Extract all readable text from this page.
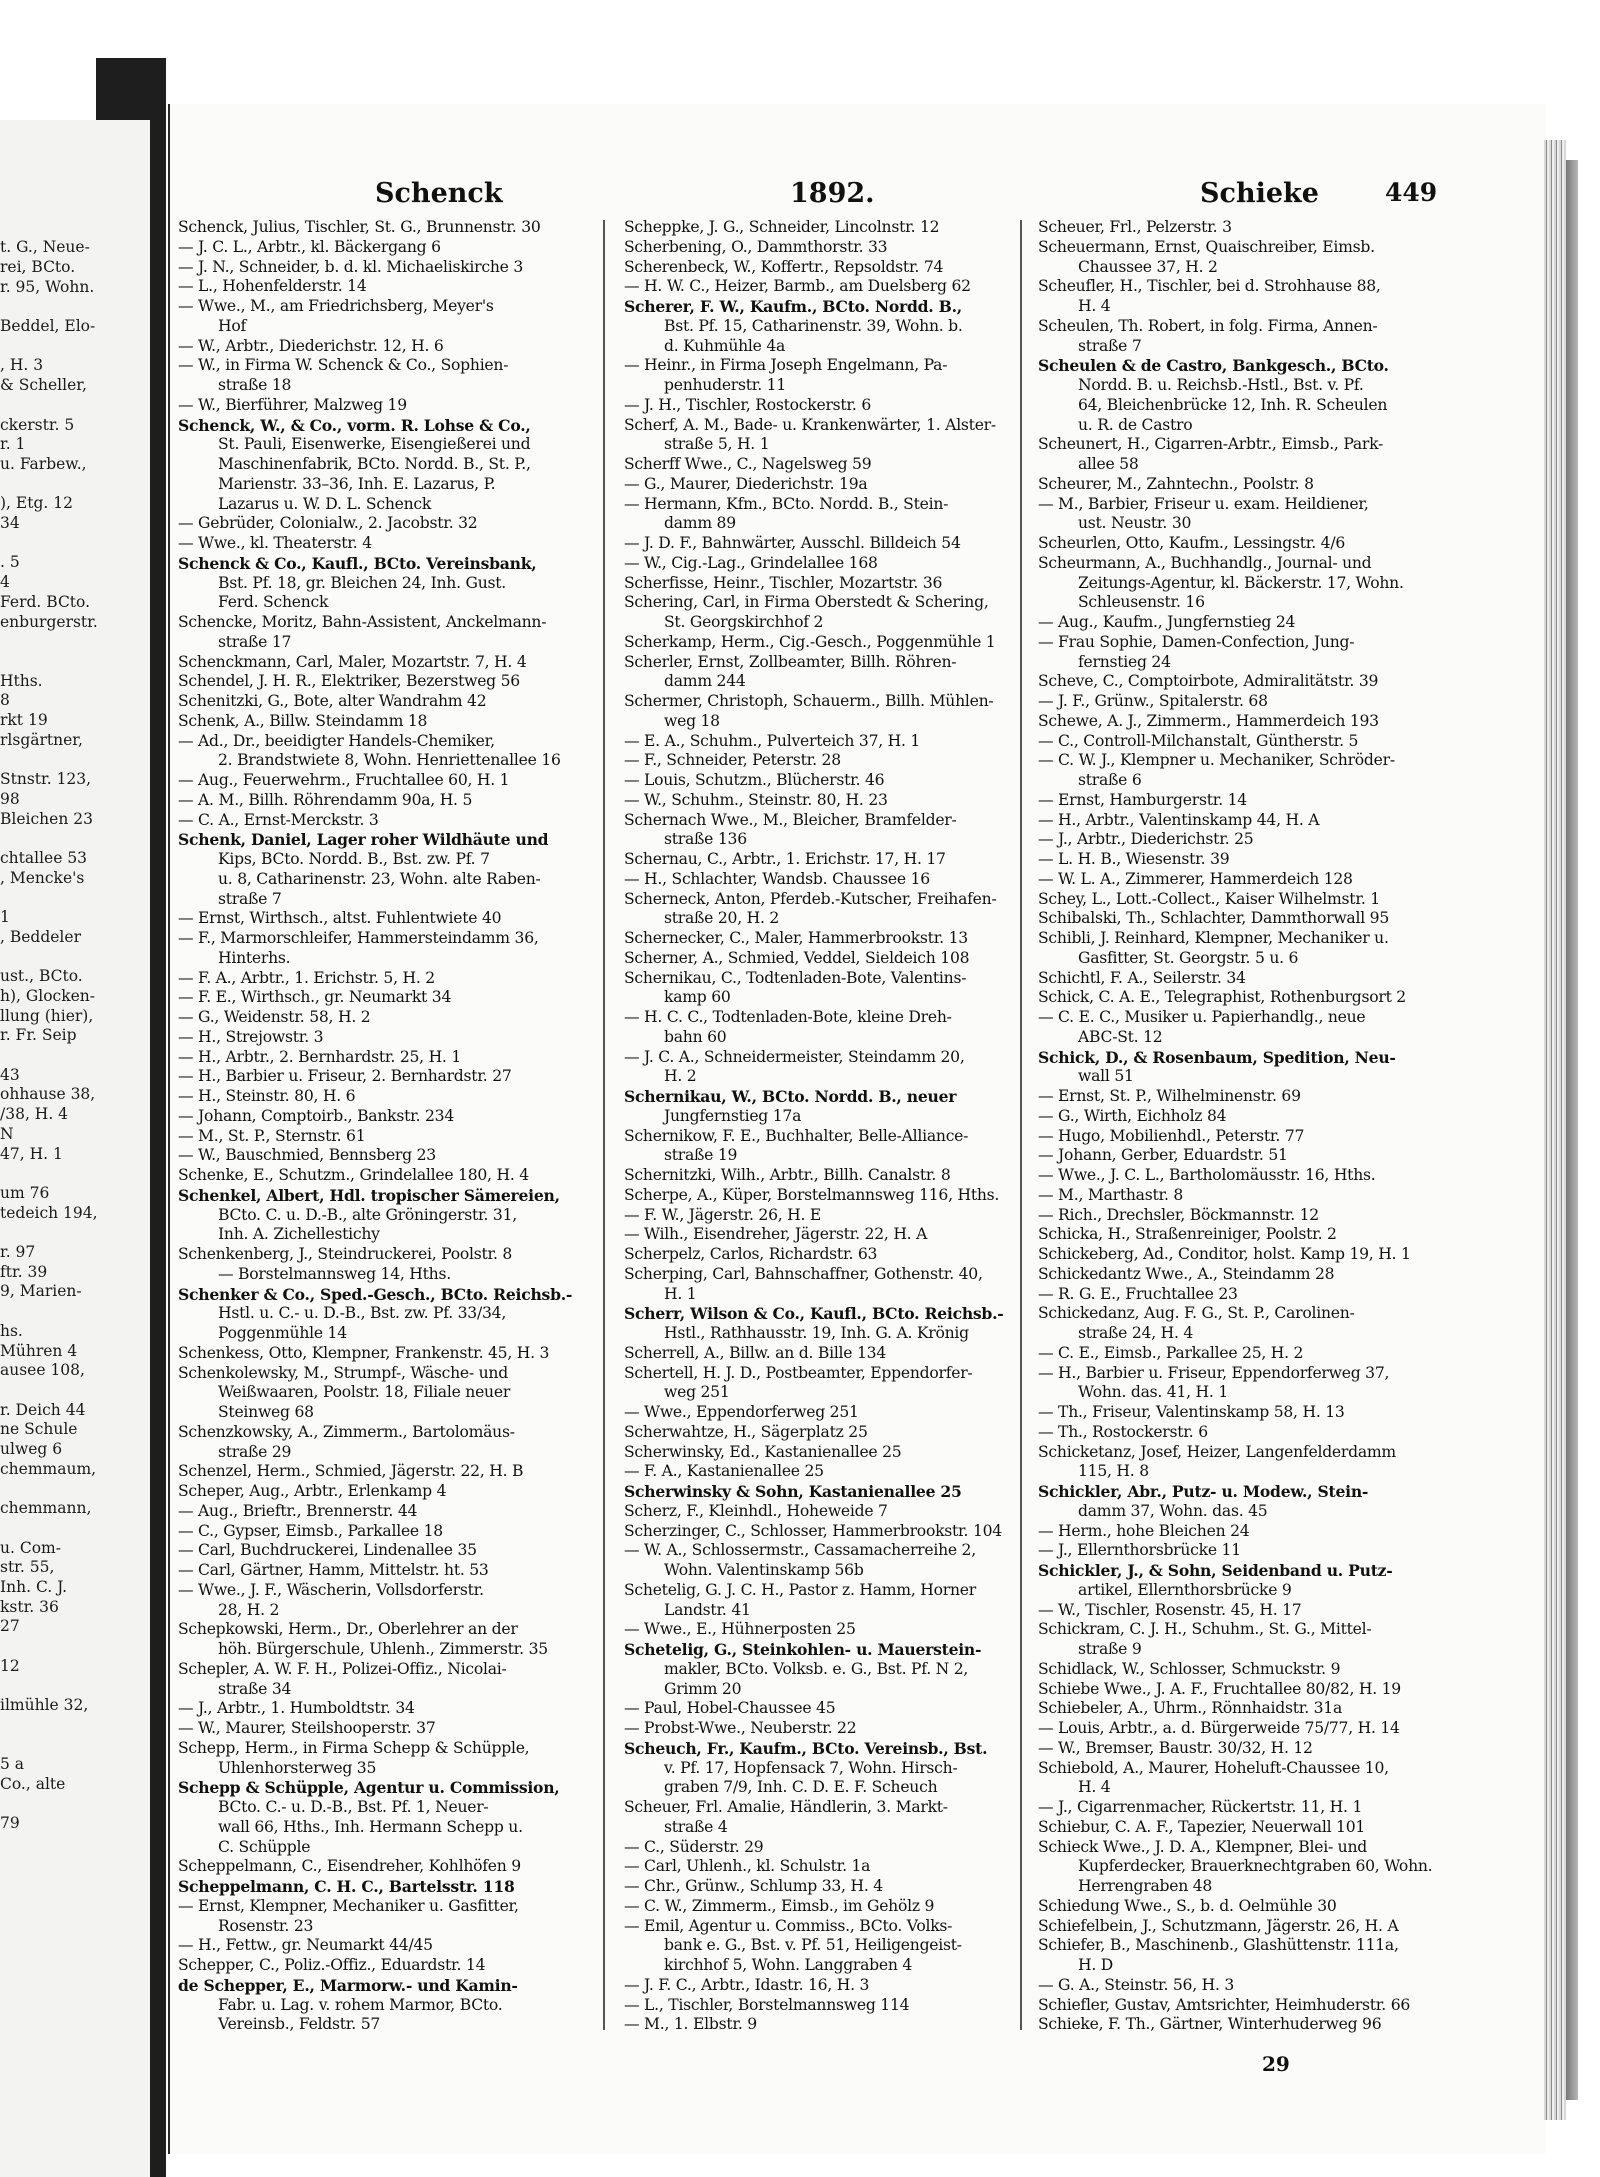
t. G., Neue-
rei, BCto.
r. 95, Wohn.

Beddel, Elo-

, H. 3
& Scheller,

ckerstr. 5
r. 1
u. Farbew.,

), Etg. 12
34

. 5
4
Ferd. BCto.
enburgerstr.

Hths.
8
rkt 19
rlsgärtner,

Stnstr. 123,
98
Bleichen 23

chtallee 53
, Mencke's

1
, Beddeler

ust., BCto.
h), Glocken-
llung (hier),
r. Fr. Seip

43
ohhause 38,
/38, H. 4
N
47, H. 1

um 76
tedeich 194,

r. 97
ftr. 39
9, Marien-

hs.
Mühren 4
ausee 108,

r. Deich 44
ne Schule
ulweg 6
chemmaum,

chemmann,

u. Com-
str. 55,
Inh. C. J.
kstr. 36
27

12

ilmühle 32,

5 a
Co., alte

79
Schenck	1892.	Schieke	449
Schenck, Julius, Tischler, St. G., Brunnenstr. 30
— J. C. L., Arbtr., kl. Bäckergang 6
— J. N., Schneider, b. d. kl. Michaeliskirche 3
— L., Hohenfelderstr. 14
— Wwe., M., am Friedrichsberg, Meyer's
Hof
— W., Arbtr., Diederichstr. 12, H. 6
— W., in Firma W. Schenck & Co., Sophien-
straße 18
— W., Bierführer, Malzweg 19
Schenck, W., & Co., vorm. R. Lohse & Co.,
St. Pauli, Eisenwerke, Eisengießerei und
Maschinenfabrik, BCto. Nordd. B., St. P.,
Marienstr. 33–36, Inh. E. Lazarus, P.
Lazarus u. W. D. L. Schenck
— Gebrüder, Colonialw., 2. Jacobstr. 32
— Wwe., kl. Theaterstr. 4
Schenck & Co., Kaufl., BCto. Vereinsbank,
Bst. Pf. 18, gr. Bleichen 24, Inh. Gust.
Ferd. Schenck
Schencke, Moritz, Bahn-Assistent, Anckelmann-
straße 17
Schenckmann, Carl, Maler, Mozartstr. 7, H. 4
Schendel, J. H. R., Elektriker, Bezerstweg 56
Schenitzki, G., Bote, alter Wandrahm 42
Schenk, A., Billw. Steindamm 18
— Ad., Dr., beeidigter Handels-Chemiker,
2. Brandstwiete 8, Wohn. Henriettenallee 16
— Aug., Feuerwehrm., Fruchtallee 60, H. 1
— A. M., Billh. Röhrendamm 90a, H. 5
— C. A., Ernst-Merckstr. 3
Schenk, Daniel, Lager roher Wildhäute und
Kips, BCto. Nordd. B., Bst. zw. Pf. 7
u. 8, Catharinenstr. 23, Wohn. alte Raben-
straße 7
— Ernst, Wirthsch., altst. Fuhlentwiete 40
— F., Marmorschleifer, Hammersteindamm 36,
Hinterhs.
— F. A., Arbtr., 1. Erichstr. 5, H. 2
— F. E., Wirthsch., gr. Neumarkt 34
— G., Weidenstr. 58, H. 2
— H., Strejowstr. 3
— H., Arbtr., 2. Bernhardstr. 25, H. 1
— H., Barbier u. Friseur, 2. Bernhardstr. 27
— H., Steinstr. 80, H. 6
— Johann, Comptoirb., Bankstr. 234
— M., St. P., Sternstr. 61
— W., Bauschmied, Bennsberg 23
Schenke, E., Schutzm., Grindelallee 180, H. 4
Schenkel, Albert, Hdl. tropischer Sämereien,
BCto. C. u. D.-B., alte Gröningerstr. 31,
Inh. A. Zichellestichy
Schenkenberg, J., Steindruckerei, Poolstr. 8
— Borstelmannsweg 14, Hths.
Schenker & Co., Sped.-Gesch., BCto. Reichsb.-
Hstl. u. C.- u. D.-B., Bst. zw. Pf. 33/34,
Poggenmühle 14
Schenkess, Otto, Klempner, Frankenstr. 45, H. 3
Schenkolewsky, M., Strumpf-, Wäsche- und
Weißwaaren, Poolstr. 18, Filiale neuer
Steinweg 68
Schenzkowsky, A., Zimmerm., Bartolomäus-
straße 29
Schenzel, Herm., Schmied, Jägerstr. 22, H. B
Scheper, Aug., Arbtr., Erlenkamp 4
— Aug., Brieftr., Brennerstr. 44
— C., Gypser, Eimsb., Parkallee 18
— Carl, Buchdruckerei, Lindenallee 35
— Carl, Gärtner, Hamm, Mittelstr. ht. 53
— Wwe., J. F., Wäscherin, Vollsdorferstr.
28, H. 2
Schepkowski, Herm., Dr., Oberlehrer an der
höh. Bürgerschule, Uhlenh., Zimmerstr. 35
Schepler, A. W. F. H., Polizei-Offiz., Nicolai-
straße 34
— J., Arbtr., 1. Humboldtstr. 34
— W., Maurer, Steilshooperstr. 37
Schepp, Herm., in Firma Schepp & Schüpple,
Uhlenhorsterweg 35
Schepp & Schüpple, Agentur u. Commission,
BCto. C.- u. D.-B., Bst. Pf. 1, Neuer-
wall 66, Hths., Inh. Hermann Schepp u.
C. Schüpple
Scheppelmann, C., Eisendreher, Kohlhöfen 9
Scheppelmann, C. H. C., Bartelsstr. 118
— Ernst, Klempner, Mechaniker u. Gasfitter,
Rosenstr. 23
— H., Fettw., gr. Neumarkt 44/45
Schepper, C., Poliz.-Offiz., Eduardstr. 14
de Schepper, E., Marmorw.- und Kamin-
Fabr. u. Lag. v. rohem Marmor, BCto.
Vereinsb., Feldstr. 57
Scheppke, J. G., Schneider, Lincolnstr. 12
Scherbening, O., Dammthorstr. 33
Scherenbeck, W., Koffertr., Repsoldstr. 74
— H. W. C., Heizer, Barmb., am Duelsberg 62
Scherer, F. W., Kaufm., BCto. Nordd. B.,
Bst. Pf. 15, Catharinenstr. 39, Wohn. b.
d. Kuhmühle 4a
— Heinr., in Firma Joseph Engelmann, Pa-
penhuderstr. 11
— J. H., Tischler, Rostockerstr. 6
Scherf, A. M., Bade- u. Krankenwärter, 1. Alster-
straße 5, H. 1
Scherff Wwe., C., Nagelsweg 59
— G., Maurer, Diederichstr. 19a
— Hermann, Kfm., BCto. Nordd. B., Stein-
damm 89
— J. D. F., Bahnwärter, Ausschl. Billdeich 54
— W., Cig.-Lag., Grindelallee 168
Scherfisse, Heinr., Tischler, Mozartstr. 36
Schering, Carl, in Firma Oberstedt & Schering,
St. Georgskirchhof 2
Scherkamp, Herm., Cig.-Gesch., Poggenmühle 1
Scherler, Ernst, Zollbeamter, Billh. Röhren-
damm 244
Schermer, Christoph, Schauerm., Billh. Mühlen-
weg 18
— E. A., Schuhm., Pulverteich 37, H. 1
— F., Schneider, Peterstr. 28
— Louis, Schutzm., Blücherstr. 46
— W., Schuhm., Steinstr. 80, H. 23
Schernach Wwe., M., Bleicher, Bramfelder-
straße 136
Schernau, C., Arbtr., 1. Erichstr. 17, H. 17
— H., Schlachter, Wandsb. Chaussee 16
Scherneck, Anton, Pferdeb.-Kutscher, Freihafen-
straße 20, H. 2
Schernecker, C., Maler, Hammerbrookstr. 13
Scherner, A., Schmied, Veddel, Sieldeich 108
Schernikau, C., Todtenladen-Bote, Valentins-
kamp 60
— H. C. C., Todtenladen-Bote, kleine Dreh-
bahn 60
— J. C. A., Schneidermeister, Steindamm 20,
H. 2
Schernikau, W., BCto. Nordd. B., neuer
Jungfernstieg 17a
Schernikow, F. E., Buchhalter, Belle-Alliance-
straße 19
Schernitzki, Wilh., Arbtr., Billh. Canalstr. 8
Scherpe, A., Küper, Borstelmannsweg 116, Hths.
— F. W., Jägerstr. 26, H. E
— Wilh., Eisendreher, Jägerstr. 22, H. A
Scherpelz, Carlos, Richardstr. 63
Scherping, Carl, Bahnschaffner, Gothenstr. 40,
H. 1
Scherr, Wilson & Co., Kaufl., BCto. Reichsb.-
Hstl., Rathhausstr. 19, Inh. G. A. Krönig
Scherrell, A., Billw. an d. Bille 134
Schertell, H. J. D., Postbeamter, Eppendorfer-
weg 251
— Wwe., Eppendorferweg 251
Scherwahtze, H., Sägerplatz 25
Scherwinsky, Ed., Kastanienallee 25
— F. A., Kastanienallee 25
Scherwinsky & Sohn, Kastanienallee 25
Scherz, F., Kleinhdl., Hoheweide 7
Scherzinger, C., Schlosser, Hammerbrookstr. 104
— W. A., Schlossermstr., Cassamacherreihe 2,
Wohn. Valentinskamp 56b
Schetelig, G. J. C. H., Pastor z. Hamm, Horner
Landstr. 41
— Wwe., E., Hühnerposten 25
Schetelig, G., Steinkohlen- u. Mauerstein-
makler, BCto. Volksb. e. G., Bst. Pf. N 2,
Grimm 20
— Paul, Hobel-Chaussee 45
— Probst-Wwe., Neuberstr. 22
Scheuch, Fr., Kaufm., BCto. Vereinsb., Bst.
v. Pf. 17, Hopfensack 7, Wohn. Hirsch-
graben 7/9, Inh. C. D. E. F. Scheuch
Scheuer, Frl. Amalie, Händlerin, 3. Markt-
straße 4
— C., Süderstr. 29
— Carl, Uhlenh., kl. Schulstr. 1a
— Chr., Grünw., Schlump 33, H. 4
— C. W., Zimmerm., Eimsb., im Gehölz 9
— Emil, Agentur u. Commiss., BCto. Volks-
bank e. G., Bst. v. Pf. 51, Heiligengeist-
kirchhof 5, Wohn. Langgraben 4
— J. F. C., Arbtr., Idastr. 16, H. 3
— L., Tischler, Borstelmannsweg 114
— M., 1. Elbstr. 9
Scheuer, Frl., Pelzerstr. 3
Scheuermann, Ernst, Quaischreiber, Eimsb.
Chaussee 37, H. 2
Scheufler, H., Tischler, bei d. Strohhause 88,
H. 4
Scheulen, Th. Robert, in folg. Firma, Annen-
straße 7
Scheulen & de Castro, Bankgesch., BCto.
Nordd. B. u. Reichsb.-Hstl., Bst. v. Pf.
64, Bleichenbrücke 12, Inh. R. Scheulen
u. R. de Castro
Scheunert, H., Cigarren-Arbtr., Eimsb., Park-
allee 58
Scheurer, M., Zahntechn., Poolstr. 8
— M., Barbier, Friseur u. exam. Heildiener,
ust. Neustr. 30
Scheurlen, Otto, Kaufm., Lessingstr. 4/6
Scheurmann, A., Buchhandlg., Journal- und
Zeitungs-Agentur, kl. Bäckerstr. 17, Wohn.
Schleusenstr. 16
— Aug., Kaufm., Jungfernstieg 24
— Frau Sophie, Damen-Confection, Jung-
fernstieg 24
Scheve, C., Comptoirbote, Admiralitätstr. 39
— J. F., Grünw., Spitalerstr. 68
Schewe, A. J., Zimmerm., Hammerdeich 193
— C., Controll-Milchanstalt, Güntherstr. 5
— C. W. J., Klempner u. Mechaniker, Schröder-
straße 6
— Ernst, Hamburgerstr. 14
— H., Arbtr., Valentinskamp 44, H. A
— J., Arbtr., Diederichstr. 25
— L. H. B., Wiesenstr. 39
— W. L. A., Zimmerer, Hammerdeich 128
Schey, L., Lott.-Collect., Kaiser Wilhelmstr. 1
Schibalski, Th., Schlachter, Dammthorwall 95
Schibli, J. Reinhard, Klempner, Mechaniker u.
Gasfitter, St. Georgstr. 5 u. 6
Schichtl, F. A., Seilerstr. 34
Schick, C. A. E., Telegraphist, Rothenburgsort 2
— C. E. C., Musiker u. Papierhandlg., neue
ABC-St. 12
Schick, D., & Rosenbaum, Spedition, Neu-
wall 51
— Ernst, St. P., Wilhelminenstr. 69
— G., Wirth, Eichholz 84
— Hugo, Mobilienhdl., Peterstr. 77
— Johann, Gerber, Eduardstr. 51
— Wwe., J. C. L., Bartholomäusstr. 16, Hths.
— M., Marthastr. 8
— Rich., Drechsler, Böckmannstr. 12
Schicka, H., Straßenreiniger, Poolstr. 2
Schickeberg, Ad., Conditor, holst. Kamp 19, H. 1
Schickedantz Wwe., A., Steindamm 28
— R. G. E., Fruchtallee 23
Schickedanz, Aug. F. G., St. P., Carolinen-
straße 24, H. 4
— C. E., Eimsb., Parkallee 25, H. 2
— H., Barbier u. Friseur, Eppendorferweg 37,
Wohn. das. 41, H. 1
— Th., Friseur, Valentinskamp 58, H. 13
— Th., Rostockerstr. 6
Schicketanz, Josef, Heizer, Langenfelderdamm
115, H. 8
Schickler, Abr., Putz- u. Modew., Stein-
damm 37, Wohn. das. 45
— Herm., hohe Bleichen 24
— J., Ellernthorsbrücke 11
Schickler, J., & Sohn, Seidenband u. Putz-
artikel, Ellernthorsbrücke 9
— W., Tischler, Rosenstr. 45, H. 17
Schickram, C. J. H., Schuhm., St. G., Mittel-
straße 9
Schidlack, W., Schlosser, Schmuckstr. 9
Schiebe Wwe., J. A. F., Fruchtallee 80/82, H. 19
Schiebeler, A., Uhrm., Rönnhaidstr. 31a
— Louis, Arbtr., a. d. Bürgerweide 75/77, H. 14
— W., Bremser, Baustr. 30/32, H. 12
Schiebold, A., Maurer, Hoheluft-Chaussee 10,
H. 4
— J., Cigarrenmacher, Rückertstr. 11, H. 1
Schiebur, C. A. F., Tapezier, Neuerwall 101
Schieck Wwe., J. D. A., Klempner, Blei- und
Kupferdecker, Brauerknechtgraben 60, Wohn.
Herrengraben 48
Schiedung Wwe., S., b. d. Oelmühle 30
Schiefelbein, J., Schutzmann, Jägerstr. 26, H. A
Schiefer, B., Maschinenb., Glashüttenstr. 111a,
H. D
— G. A., Steinstr. 56, H. 3
Schiefler, Gustav, Amtsrichter, Heimhuderstr. 66
Schieke, F. Th., Gärtner, Winterhuderweg 96
29
